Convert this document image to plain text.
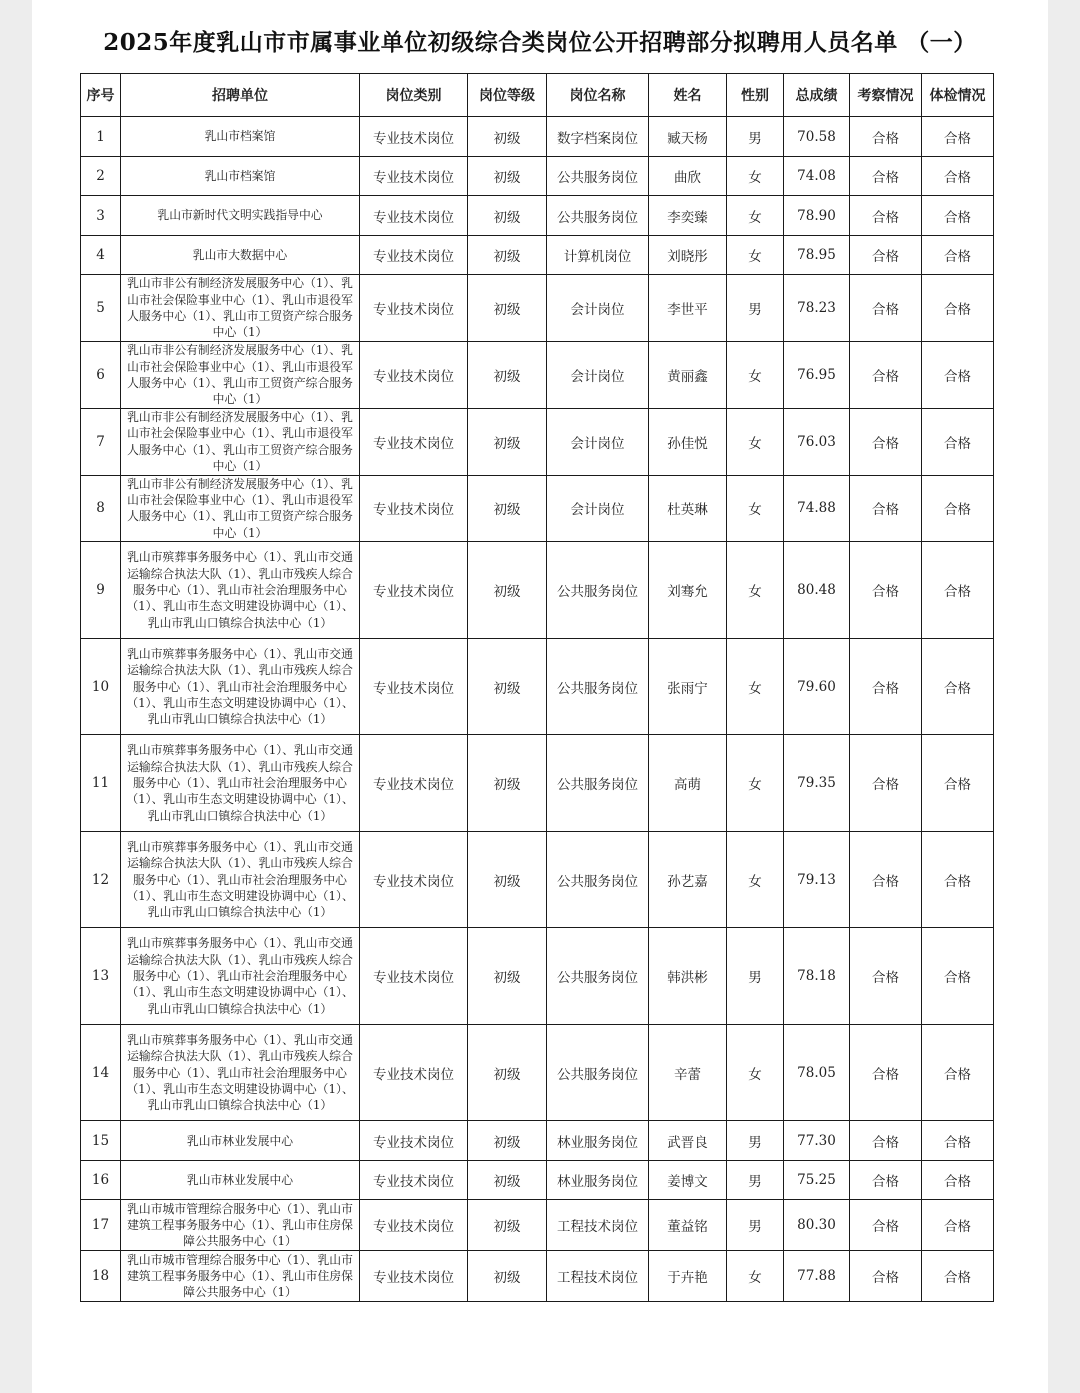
2025年度乳山市市属事业单位初级综合类岗位公开招聘部分拟聘用人员名单 （一）
序号	招聘单位	岗位类别	岗位等级	岗位名称	姓名	性别	总成绩	考察情况	体检情况
1	乳山市档案馆	专业技术岗位	初级	数字档案岗位	臧天杨	男	70.58	合格	合格
2	乳山市档案馆	专业技术岗位	初级	公共服务岗位	曲欣	女	74.08	合格	合格
3	乳山市新时代文明实践指导中心	专业技术岗位	初级	公共服务岗位	李奕臻	女	78.90	合格	合格
4	乳山市大数据中心	专业技术岗位	初级	计算机岗位	刘晓彤	女	78.95	合格	合格
5	乳山市非公有制经济发展服务中心（1）、乳山市社会保险事业中心（1）、乳山市退役军人服务中心（1）、乳山市工贸资产综合服务中心（1）	专业技术岗位	初级	会计岗位	李世平	男	78.23	合格	合格
6	乳山市非公有制经济发展服务中心（1）、乳山市社会保险事业中心（1）、乳山市退役军人服务中心（1）、乳山市工贸资产综合服务中心（1）	专业技术岗位	初级	会计岗位	黄丽鑫	女	76.95	合格	合格
7	乳山市非公有制经济发展服务中心（1）、乳山市社会保险事业中心（1）、乳山市退役军人服务中心（1）、乳山市工贸资产综合服务中心（1）	专业技术岗位	初级	会计岗位	孙佳悦	女	76.03	合格	合格
8	乳山市非公有制经济发展服务中心（1）、乳山市社会保险事业中心（1）、乳山市退役军人服务中心（1）、乳山市工贸资产综合服务中心（1）	专业技术岗位	初级	会计岗位	杜英琳	女	74.88	合格	合格
9	乳山市殡葬事务服务中心（1）、乳山市交通运输综合执法大队（1）、乳山市残疾人综合服务中心（1）、乳山市社会治理服务中心（1）、乳山市生态文明建设协调中心（1）、乳山市乳山口镇综合执法中心（1）	专业技术岗位	初级	公共服务岗位	刘骞允	女	80.48	合格	合格
10	乳山市殡葬事务服务中心（1）、乳山市交通运输综合执法大队（1）、乳山市残疾人综合服务中心（1）、乳山市社会治理服务中心（1）、乳山市生态文明建设协调中心（1）、乳山市乳山口镇综合执法中心（1）	专业技术岗位	初级	公共服务岗位	张雨宁	女	79.60	合格	合格
11	乳山市殡葬事务服务中心（1）、乳山市交通运输综合执法大队（1）、乳山市残疾人综合服务中心（1）、乳山市社会治理服务中心（1）、乳山市生态文明建设协调中心（1）、乳山市乳山口镇综合执法中心（1）	专业技术岗位	初级	公共服务岗位	高萌	女	79.35	合格	合格
12	乳山市殡葬事务服务中心（1）、乳山市交通运输综合执法大队（1）、乳山市残疾人综合服务中心（1）、乳山市社会治理服务中心（1）、乳山市生态文明建设协调中心（1）、乳山市乳山口镇综合执法中心（1）	专业技术岗位	初级	公共服务岗位	孙艺嘉	女	79.13	合格	合格
13	乳山市殡葬事务服务中心（1）、乳山市交通运输综合执法大队（1）、乳山市残疾人综合服务中心（1）、乳山市社会治理服务中心（1）、乳山市生态文明建设协调中心（1）、乳山市乳山口镇综合执法中心（1）	专业技术岗位	初级	公共服务岗位	韩洪彬	男	78.18	合格	合格
14	乳山市殡葬事务服务中心（1）、乳山市交通运输综合执法大队（1）、乳山市残疾人综合服务中心（1）、乳山市社会治理服务中心（1）、乳山市生态文明建设协调中心（1）、乳山市乳山口镇综合执法中心（1）	专业技术岗位	初级	公共服务岗位	辛蕾	女	78.05	合格	合格
15	乳山市林业发展中心	专业技术岗位	初级	林业服务岗位	武晋良	男	77.30	合格	合格
16	乳山市林业发展中心	专业技术岗位	初级	林业服务岗位	姜博文	男	75.25	合格	合格
17	乳山市城市管理综合服务中心（1）、乳山市建筑工程事务服务中心（1）、乳山市住房保障公共服务中心（1）	专业技术岗位	初级	工程技术岗位	董益铭	男	80.30	合格	合格
18	乳山市城市管理综合服务中心（1）、乳山市建筑工程事务服务中心（1）、乳山市住房保障公共服务中心（1）	专业技术岗位	初级	工程技术岗位	于卉艳	女	77.88	合格	合格
